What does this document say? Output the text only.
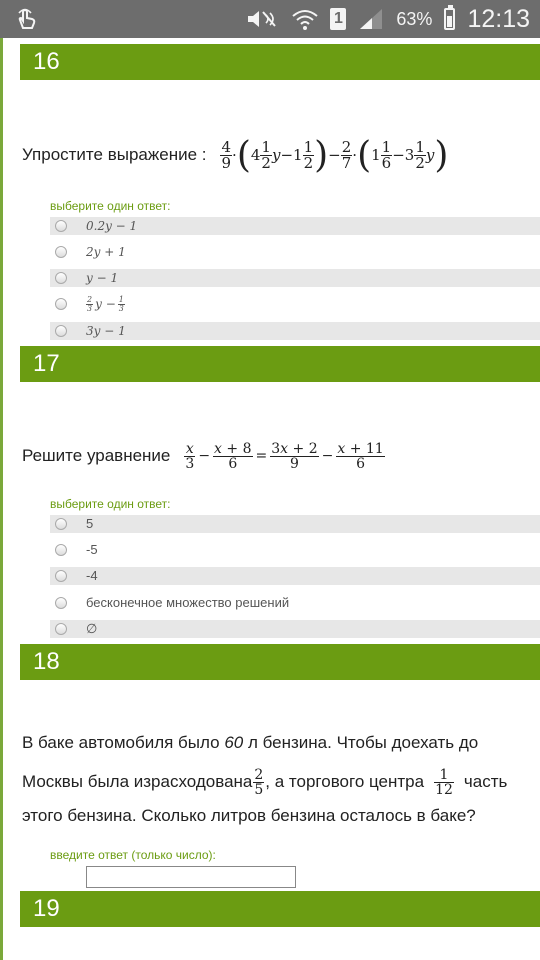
1	63% 12:13
16
Упростите выражение : $\frac{4}{9}$ · ( $4 \frac{1}{2}$ $y -1 \frac{1}{2}$ ) − $\frac{2}{7}$ · ( $1 \frac{1}{6} -3 \frac{1}{2}$ y )
выберите один ответ:
0.2y − 1
2y + 1
y − 1
$\frac{2}{3}$ $y - \frac{1}{3}$
3y − 1
17
Решите уравнение $\frac{x}{3} - \frac{x + 8}{6} = \frac{3x + 2}{9} - \frac{x + 11}{6}$
выберите один ответ:
5
-5
-4
бесконечное множество решений
∅
18
В баке автомобиля было 60 л бензина. Чтобы доехать до
Москвы была израсходована $\frac{2}{5}$ , а торгового центра $\frac{1}{12}$ часть
этого бензина. Сколько литров бензина осталось в баке?
введите ответ (только число):
19
